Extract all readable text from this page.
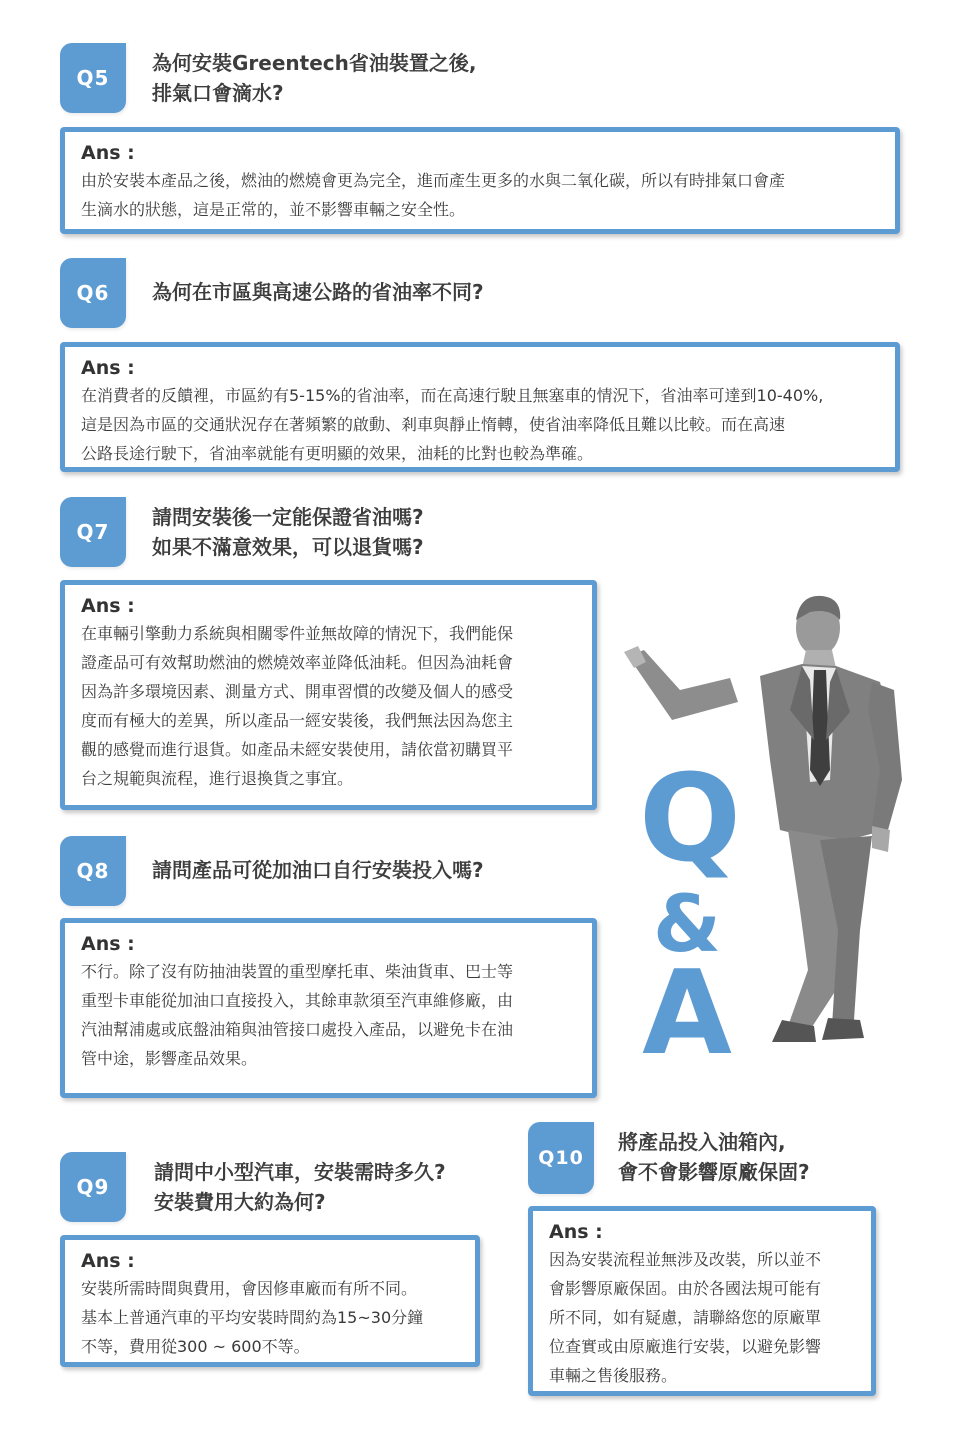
Q5
為何安裝Greentech省油裝置之後,
排氣口會滴水?
Ans :
由於安裝本產品之後，燃油的燃燒會更為完全，進而產生更多的水與二氧化碳，所以有時排氣口會產
生滴水的狀態，這是正常的，並不影響車輛之安全性。
Q6	為何在市區與高速公路的省油率不同?
Ans :
在消費者的反饋裡，市區約有5-15%的省油率，而在高速行駛且無塞車的情況下，省油率可達到10-40%,
這是因為市區的交通狀況存在著頻繁的啟動、剎車與靜止惰轉，使省油率降低且難以比較。而在高速
公路長途行駛下，省油率就能有更明顯的效果，油耗的比對也較為準確。
Q7
請問安裝後一定能保證省油嗎?
如果不滿意效果，可以退貨嗎?
Ans :
在車輛引擎動力系統與相關零件並無故障的情況下，我們能保
證產品可有效幫助燃油的燃燒效率並降低油耗。但因為油耗會
因為許多環境因素、測量方式、開車習慣的改變及個人的感受
度而有極大的差異，所以產品一經安裝後，我們無法因為您主
觀的感覺而進行退貨。如產品未經安裝使用，請依當初購買平
台之規範與流程，進行退換貨之事宜。
Q8	請問產品可從加油口自行安裝投入嗎?
Ans :
不行。除了沒有防抽油裝置的重型摩托車、柴油貨車、巴士等
重型卡車能從加油口直接投入，其餘車款須至汽車維修廠，由
汽油幫浦處或底盤油箱與油管接口處投入產品，以避免卡在油
管中途，影響產品效果。
Q9
請問中小型汽車，安裝需時多久?
安裝費用大約為何?
Ans :
安裝所需時間與費用，會因修車廠而有所不同。
基本上普通汽車的平均安裝時間約為15~30分鐘
不等，費用從300 ~ 600不等。
Q10
將產品投入油箱內,
會不會影響原廠保固?
Ans :
因為安裝流程並無涉及改裝，所以並不
會影響原廠保固。由於各國法規可能有
所不同，如有疑慮，請聯絡您的原廠單
位查實或由原廠進行安裝，以避免影響
車輛之售後服務。
Q
&
A
